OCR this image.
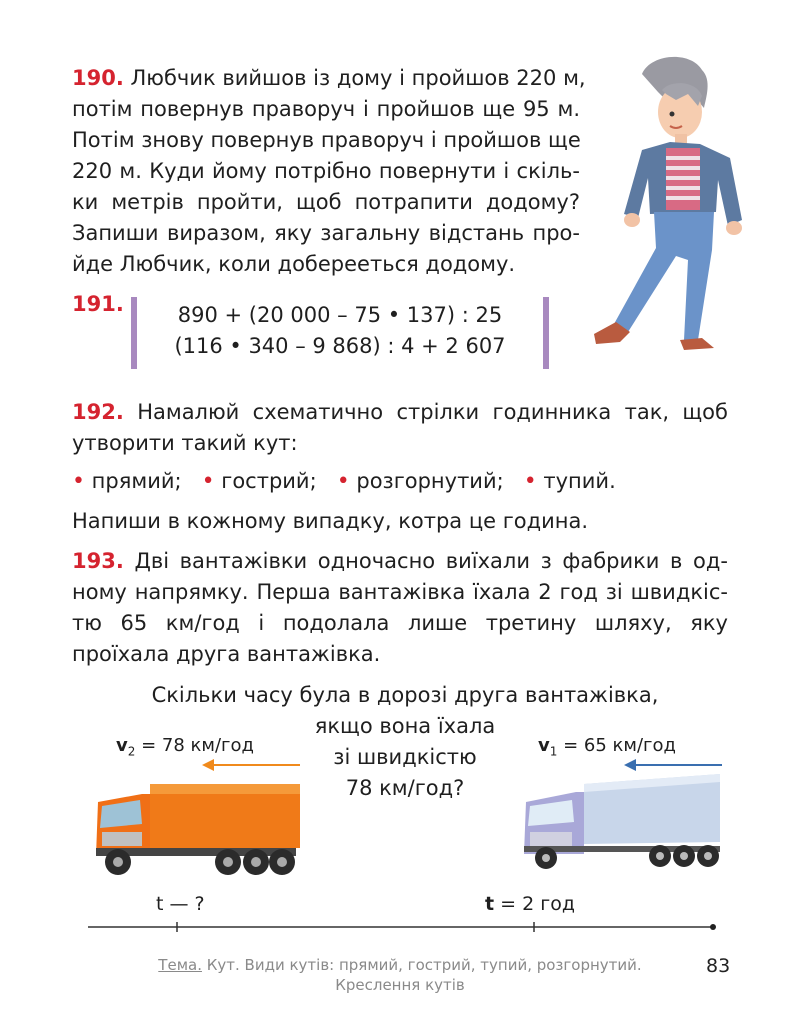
190. Любчик вийшов із дому і пройшов 220 м,
потім повернув праворуч і пройшов ще 95 м.
Потім знову повернув праворуч і пройшов ще
220 м. Куди йому потрібно повернути і скіль-
ки метрів пройти, щоб потрапити додому?
Запиши виразом, яку загальну відстань про-
йде Любчик, коли доберееться додому.
191.	890 + (20 000 – 75 • 137) : 25
(116 • 340 – 9 868) : 4 + 2 607
192. Намалюй схематично стрілки годинника так, щоб
утворити такий кут:
• прямий; • гострий; • розгорнутий; • тупий.
Напиши в кожному випадку, котра це година.
193. Дві вантажівки одночасно виїхали з фабрики в од-
ному напрямку. Перша вантажівка їхала 2 год зі швидкіс-
тю 65 км/год і подолала лише третину шляху, яку
проїхала друга вантажівка.
Скільки часу була в дорозі друга вантажівка,
якщо вона їхала
зі швидкістю
78 км/год?
$v_2 = 78$ км/год	$v_1 = 65$ км/год
t — ?	t = 2 год
Тема. Кут. Види кутів: прямий, гострий, тупий, розгорнутий.
Креслення кутів
83
